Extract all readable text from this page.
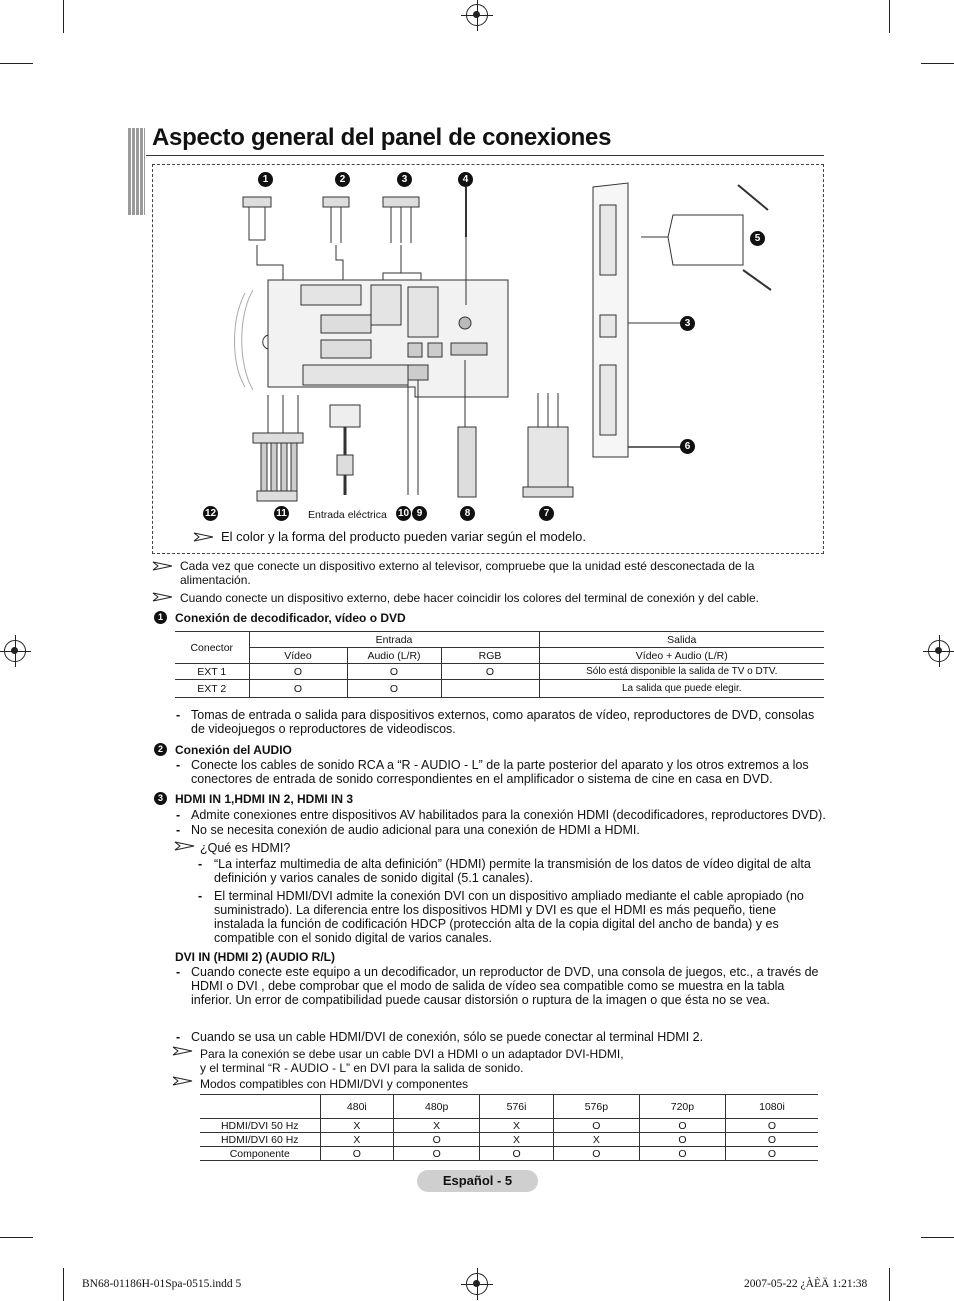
Aspecto general del panel de conexiones
1	2	3	4
5
3
6
7
8
9
10
11
12	Entrada eléctrica
El color y la forma del producto pueden variar según el modelo.
Cada vez que conecte un dispositivo externo al televisor, compruebe que la unidad esté desconectada de la alimentación.
Cuando conecte un dispositivo externo, debe hacer coincidir los colores del terminal de conexión y del cable.
1	Conexión de decodificador, vídeo o DVD
Conector	Entrada			Salida
	Vídeo	Audio (L/R)	RGB	Vídeo + Audio (L/R)
EXT 1	O	O	O	Sólo está disponible la salida de TV o DTV.
EXT 2	O	O		La salida que puede elegir.
- Tomas de entrada o salida para dispositivos externos, como aparatos de vídeo, reproductores de DVD, consolas de videojuegos o reproductores de videodiscos.
2	Conexión del AUDIO
- Conecte los cables de sonido RCA a “R - AUDIO - L” de la parte posterior del aparato y los otros extremos a los conectores de entrada de sonido correspondientes en el amplificador o sistema de cine en casa en DVD.
3	HDMI IN 1,HDMI IN 2, HDMI IN 3
- Admite conexiones entre dispositivos AV habilitados para la conexión HDMI (decodificadores, reproductores DVD).
- No se necesita conexión de audio adicional para una conexión de HDMI a HDMI.
¿Qué es HDMI?
- “La interfaz multimedia de alta definición” (HDMI) permite la transmisión de los datos de vídeo digital de alta definición y varios canales de sonido digital (5.1 canales).
- El terminal HDMI/DVI admite la conexión DVI con un dispositivo ampliado mediante el cable apropiado (no suministrado). La diferencia entre los dispositivos HDMI y DVI es que el HDMI es más pequeño, tiene instalada la función de codificación HDCP (protección alta de la copia digital del ancho de banda) y es compatible con el sonido digital de varios canales.
DVI IN (HDMI 2) (AUDIO R/L)
- Cuando conecte este equipo a un decodificador, un reproductor de DVD, una consola de juegos, etc., a través de HDMI o DVI , debe comprobar que el modo de salida de vídeo sea compatible como se muestra en la tabla inferior. Un error de compatibilidad puede causar distorsión o ruptura de la imagen o que ésta no se vea.
- Cuando se usa un cable HDMI/DVI de conexión, sólo se puede conectar al terminal HDMI 2.
Para la conexión se debe usar un cable DVI a HDMI o un adaptador DVI-HDMI,
y el terminal “R - AUDIO - L” en DVI para la salida de sonido.
Modos compatibles con HDMI/DVI y componentes
	480i	480p	576i	576p	720p	1080i
HDMI/DVI 50 Hz	X	X	X	O	O	O
HDMI/DVI 60 Hz	X	O	X	X	O	O
Componente	O	O	O	O	O	O
Español - 5
BN68-01186H-01Spa-0515.indd 5	2007-05-22 ¿ÀÈÄ 1:21:38
